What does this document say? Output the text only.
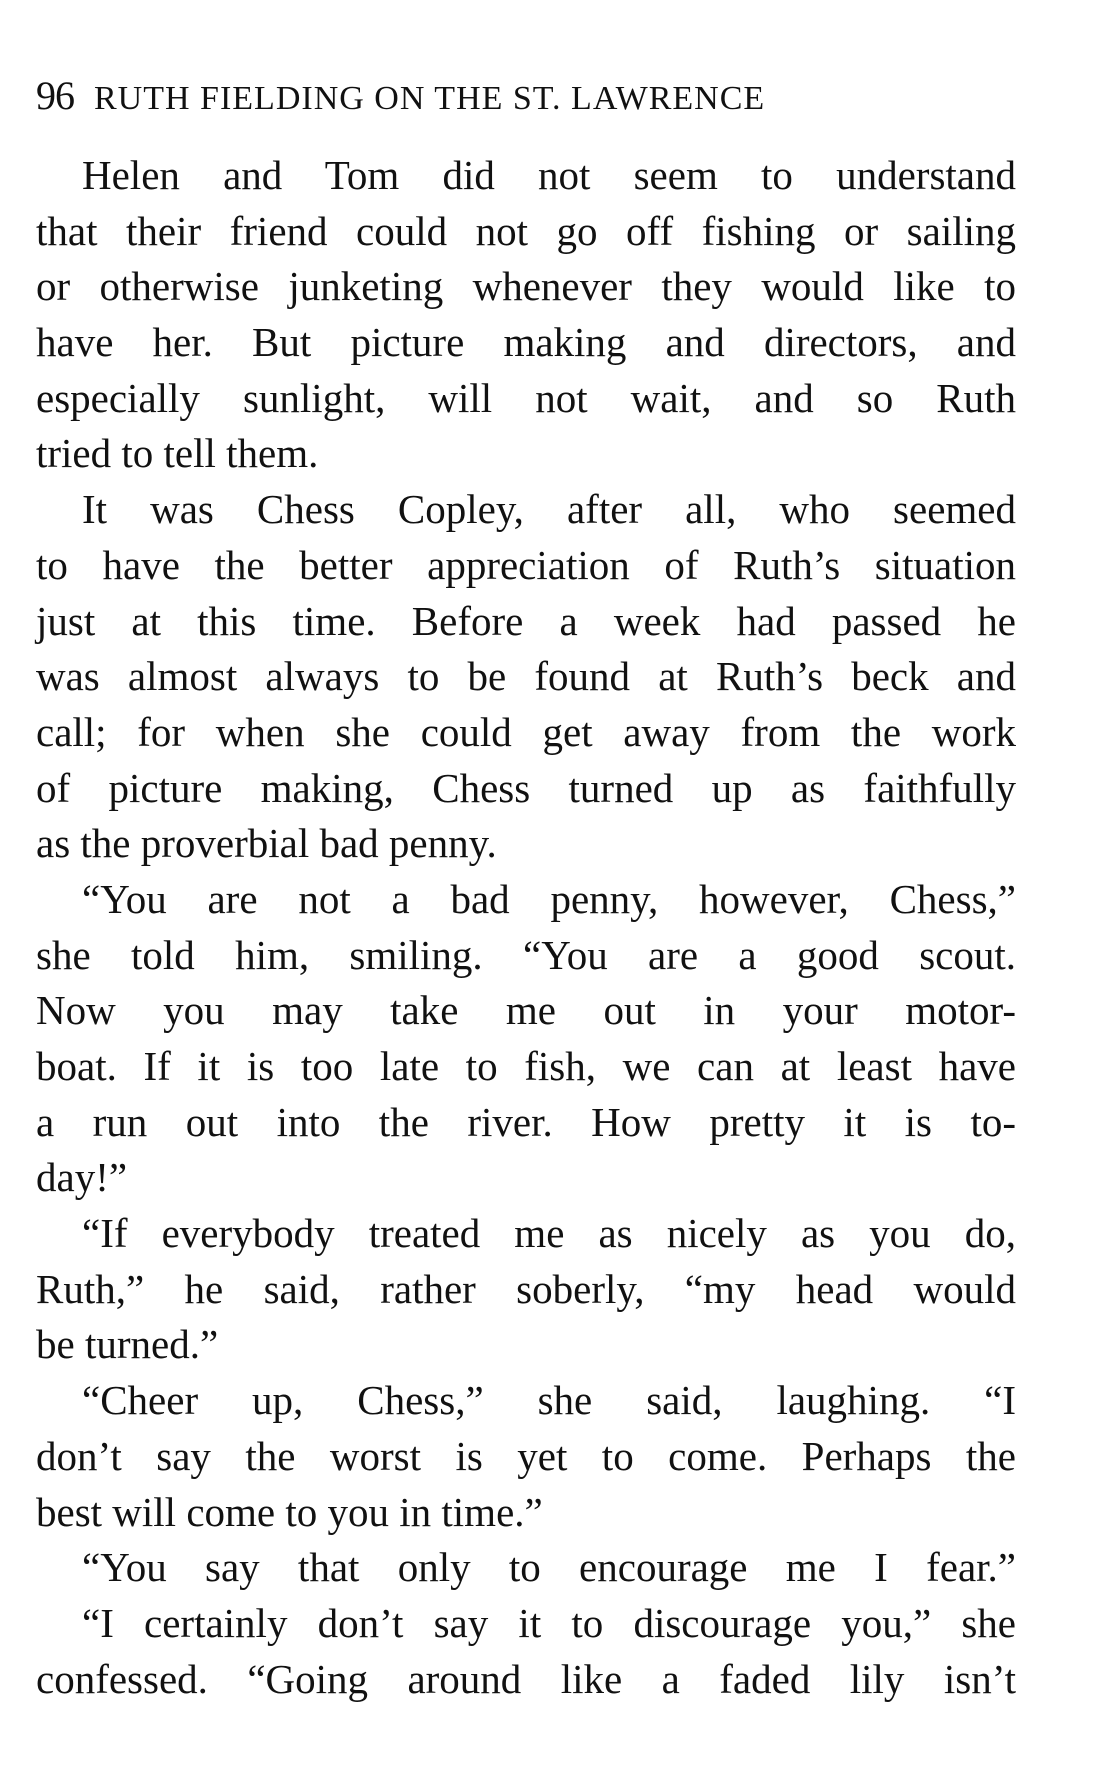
96 RUTH FIELDING ON THE ST. LAWRENCE
Helen and Tom did not seem to understand
that their friend could not go off fishing or sailing
or otherwise junketing whenever they would like to
have her. But picture making and directors, and
especially sunlight, will not wait, and so Ruth
tried to tell them.
It was Chess Copley, after all, who seemed
to have the better appreciation of Ruth’s situation
just at this time. Before a week had passed he
was almost always to be found at Ruth’s beck and
call; for when she could get away from the work
of picture making, Chess turned up as faithfully
as the proverbial bad penny.
“You are not a bad penny, however, Chess,”
she told him, smiling. “You are a good scout.
Now you may take me out in your motor-
boat. If it is too late to fish, we can at least have
a run out into the river. How pretty it is to-
day!”
“If everybody treated me as nicely as you do,
Ruth,” he said, rather soberly, “my head would
be turned.”
“Cheer up, Chess,” she said, laughing. “I
don’t say the worst is yet to come. Perhaps the
best will come to you in time.”
“You say that only to encourage me I fear.”
“I certainly don’t say it to discourage you,” she
confessed. “Going around like a faded lily isn’t
